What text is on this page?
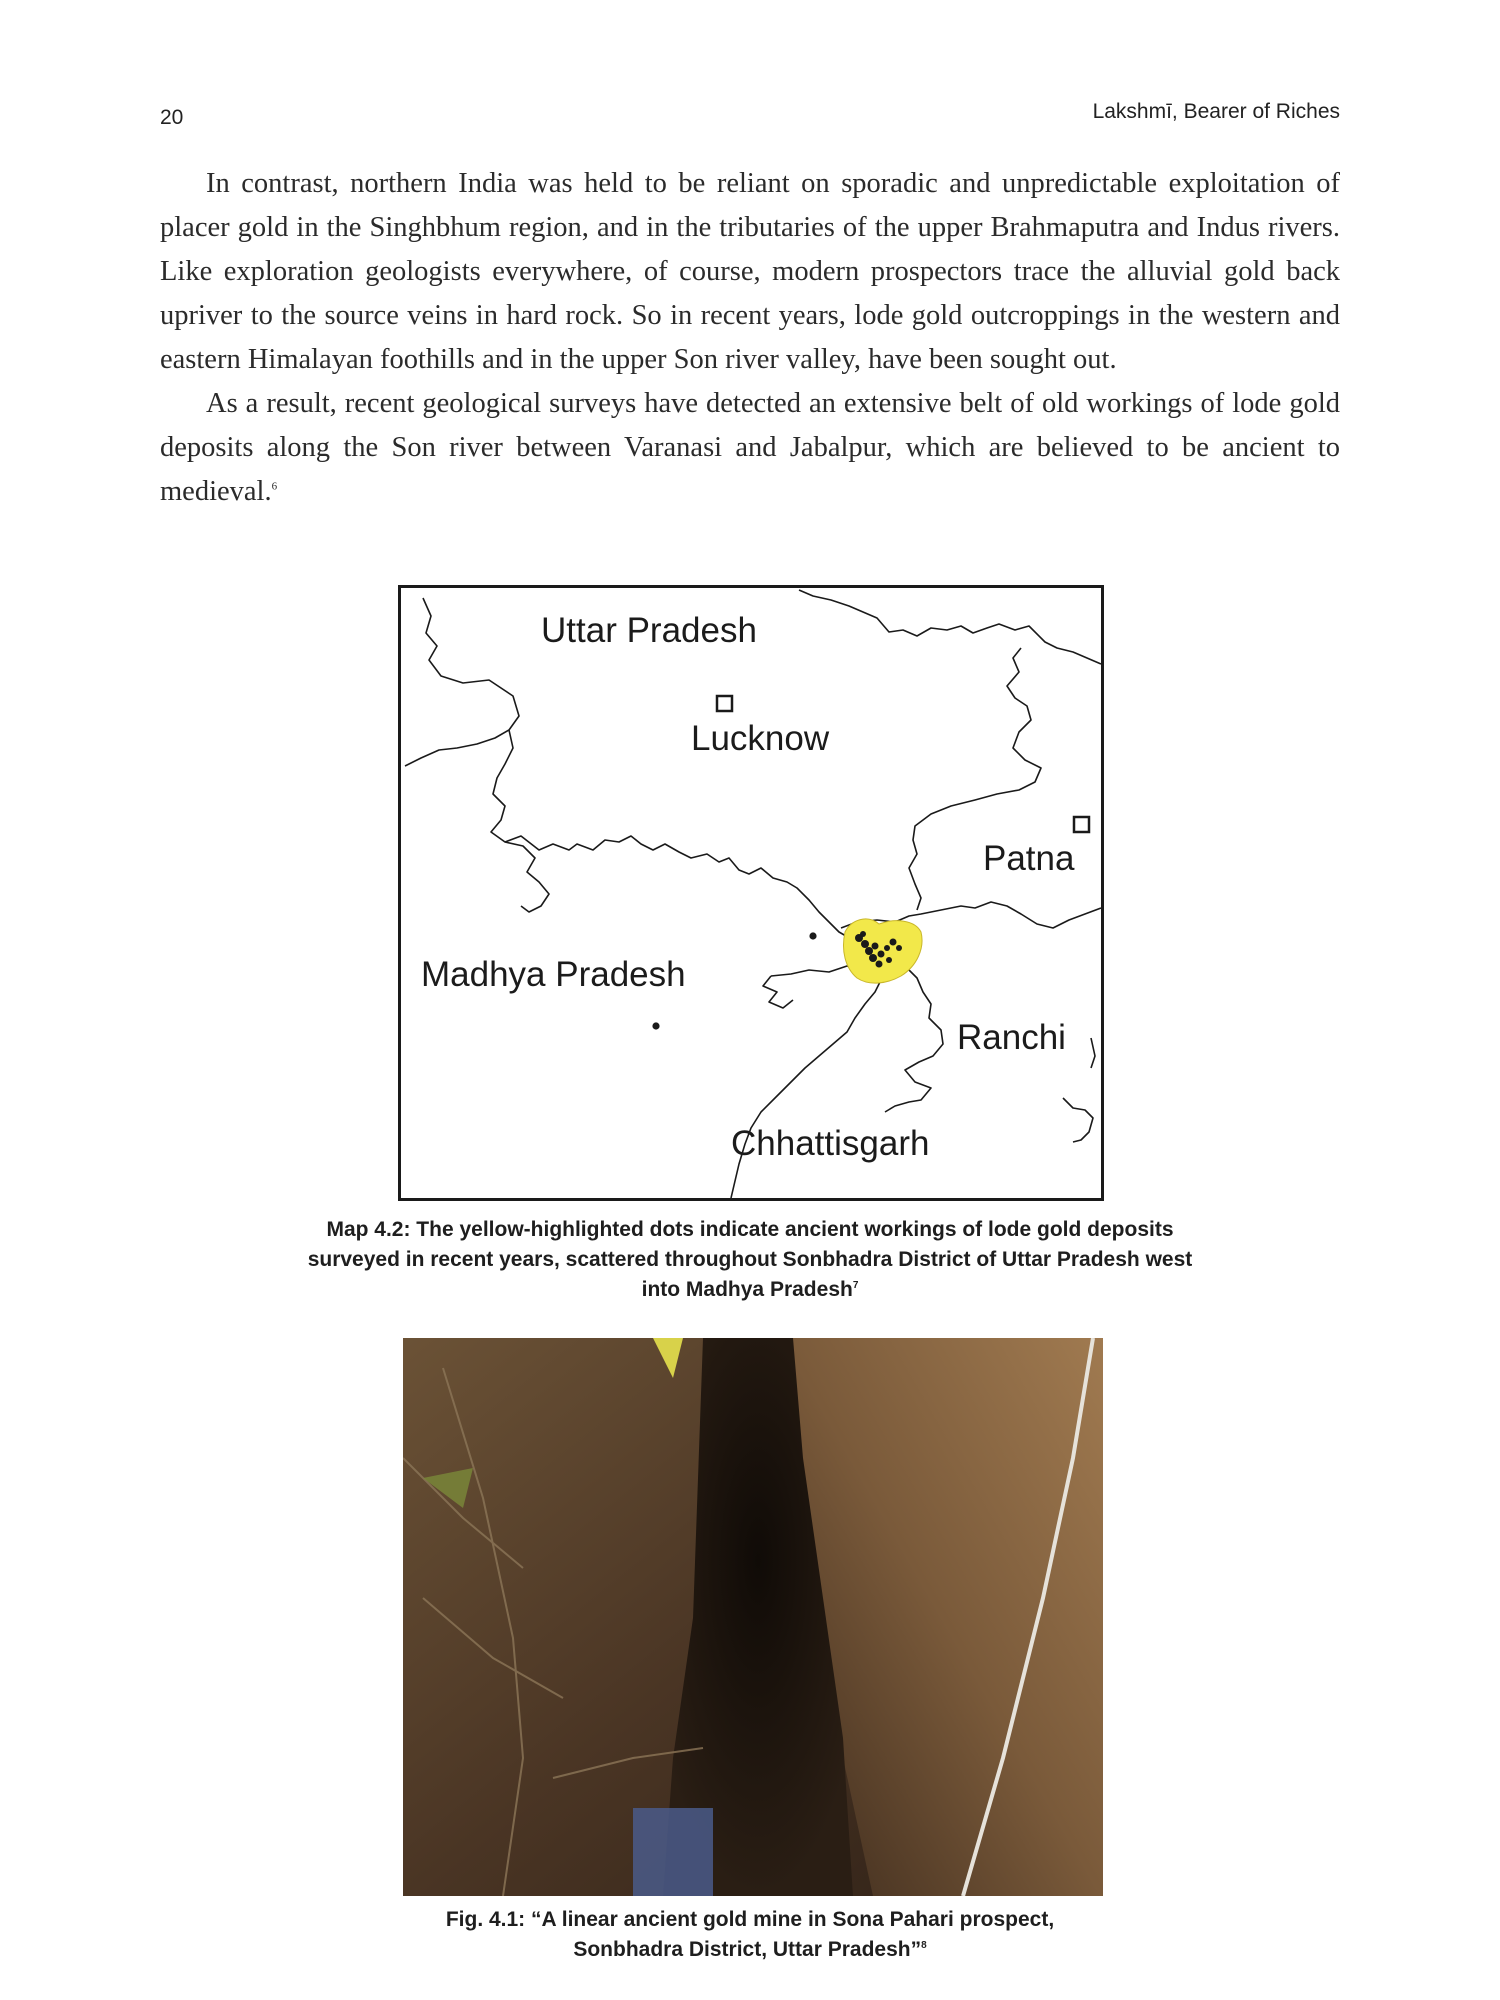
20	Lakshmī, Bearer of Riches

In contrast, northern India was held to be reliant on sporadic and unpredictable exploitation of placer gold in the Singhbhum region, and in the tributaries of the upper Brahmaputra and Indus rivers. Like exploration geologists everywhere, of course, modern prospectors trace the alluvial gold back upriver to the source veins in hard rock. So in recent years, lode gold outcroppings in the western and eastern Himalayan foothills and in the upper Son river valley, have been sought out.

As a result, recent geological surveys have detected an extensive belt of old workings of lode gold deposits along the Son river between Varanasi and Jabalpur, which are believed to be ancient to medieval.$^6$

Uttar Pradesh
Lucknow
Patna
Madhya Pradesh
Ranchi
Chhattisgarh
Map 4.2: The yellow-highlighted dots indicate ancient workings of lode gold deposits surveyed in recent years, scattered throughout Sonbhadra District of Uttar Pradesh west into Madhya Pradesh$^7$
Fig. 4.1: “A linear ancient gold mine in Sona Pahari prospect,
Sonbhadra District, Uttar Pradesh”$^8$
